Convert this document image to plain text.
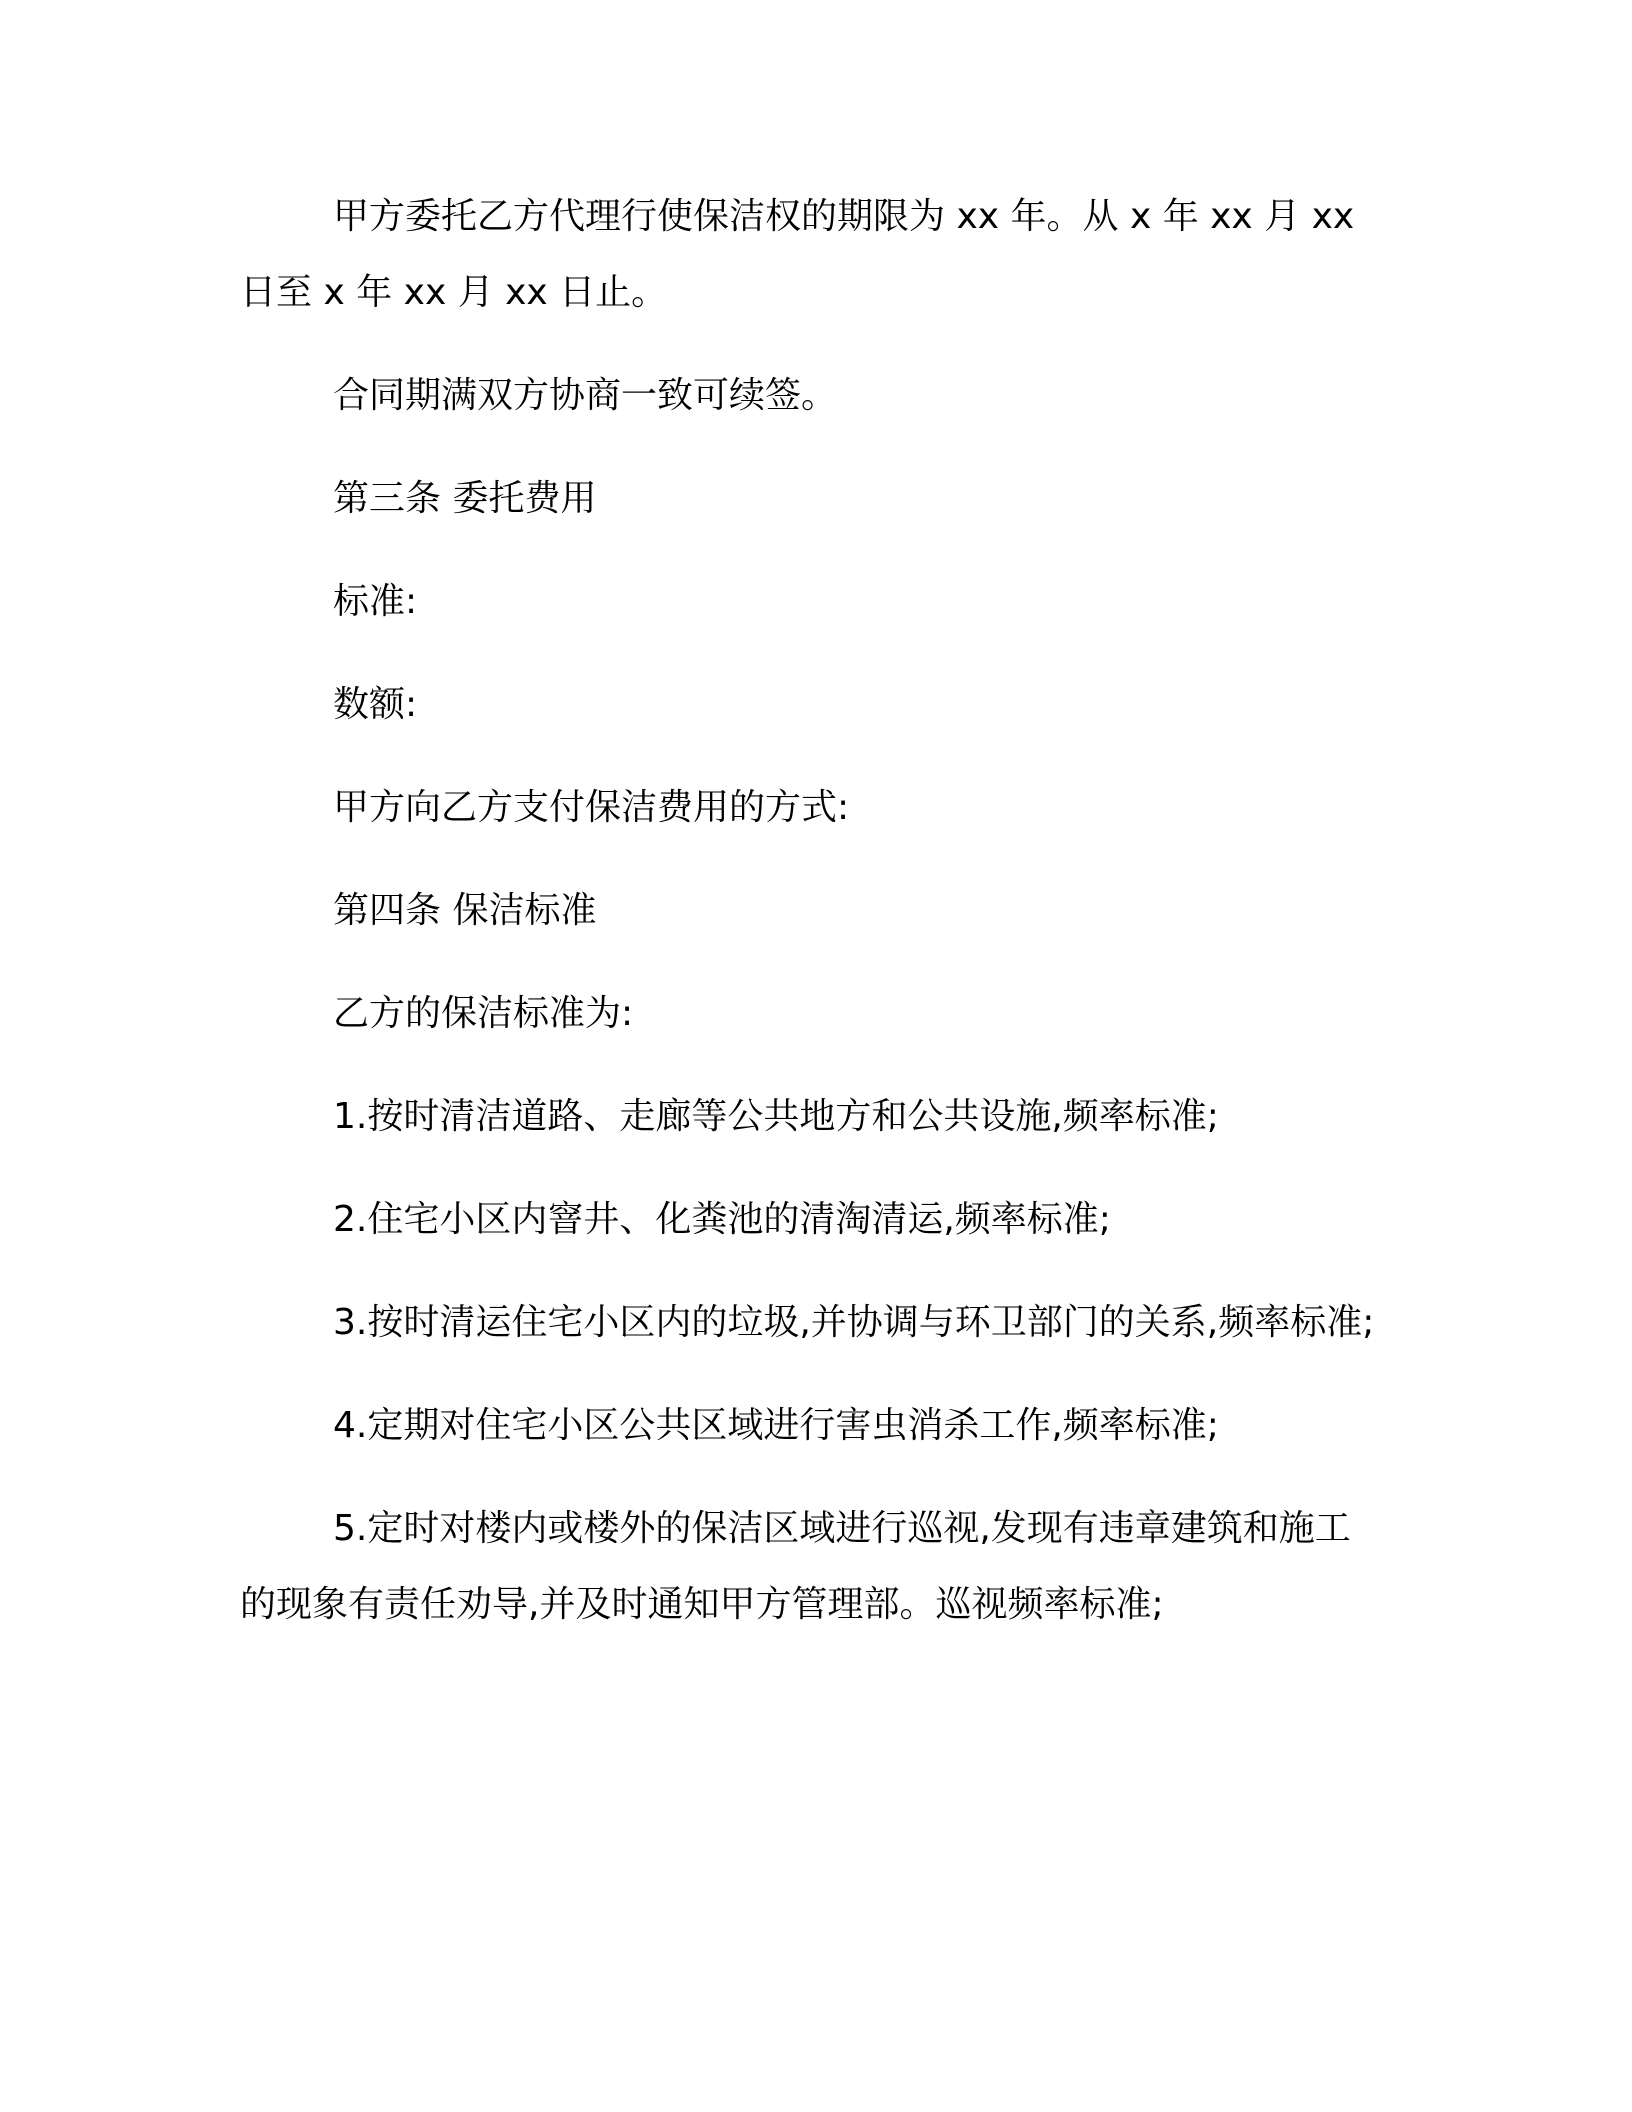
甲方委托乙方代理行使保洁权的期限为 xx 年。从 x 年 xx 月 xx 日至 x 年 xx 月 xx 日止。

合同期满双方协商一致可续签。

第三条 委托费用

标准:

数额:

甲方向乙方支付保洁费用的方式:

第四条 保洁标准

乙方的保洁标准为:

1.按时清洁道路、走廊等公共地方和公共设施,频率标准;

2.住宅小区内窨井、化粪池的清淘清运,频率标准;

3.按时清运住宅小区内的垃圾,并协调与环卫部门的关系,频率标准;

4.定期对住宅小区公共区域进行害虫消杀工作,频率标准;

5.定时对楼内或楼外的保洁区域进行巡视,发现有违章建筑和施工的现象有责任劝导,并及时通知甲方管理部。巡视频率标准;
